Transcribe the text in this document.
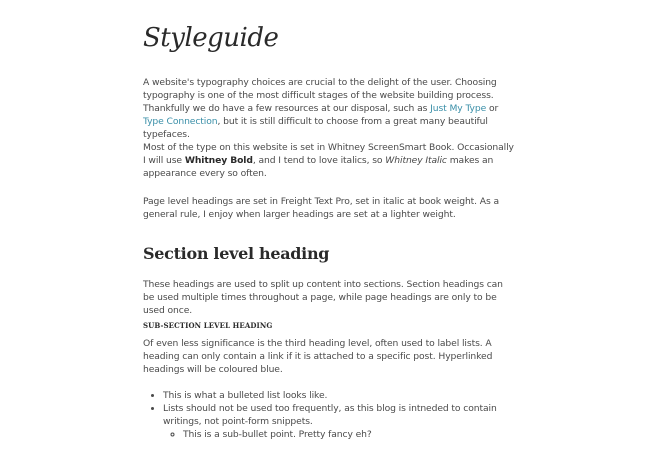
Styleguide

A website's typography choices are crucial to the delight of the user. Choosing typography is one of the most difficult stages of the website building process. Thankfully we do have a few resources at our disposal, such as Just My Type or Type Connection, but it is still difficult to choose from a great many beautiful typefaces.

Most of the type on this website is set in Whitney ScreenSmart Book. Occasionally I will use Whitney Bold, and I tend to love italics, so Whitney Italic makes an appearance every so often.

Page level headings are set in Freight Text Pro, set in italic at book weight. As a general rule, I enjoy when larger headings are set at a lighter weight.

Section level heading

These headings are used to split up content into sections. Section headings can be used multiple times throughout a page, while page headings are only to be used once.

SUB-SECTION LEVEL HEADING

Of even less significance is the third heading level, often used to label lists. A heading can only contain a link if it is attached to a specific post. Hyperlinked headings will be coloured blue.

• This is what a bulleted list looks like.
• Lists should not be used too frequently, as this blog is intneded to contain writings, not point-form snippets.
◦ This is a sub-bullet point. Pretty fancy eh?
